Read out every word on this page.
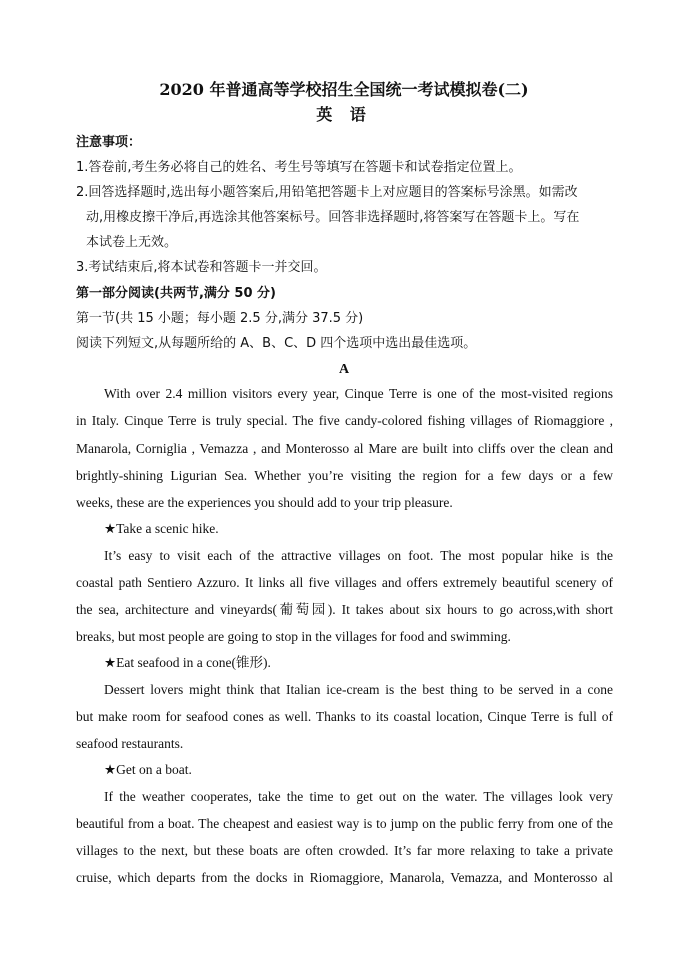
2020 年普通高等学校招生全国统一考试模拟卷(二)
英 语
注意事项：
1.答卷前,考生务必将自己的姓名、考生号等填写在答题卡和试卷指定位置上。
2.回答选择题时,选出每小题答案后,用铅笔把答题卡上对应题目的答案标号涂黑。如需改
动,用橡皮擦干净后,再选涂其他答案标号。回答非选择题时,将答案写在答题卡上。写在
本试卷上无效。
3.考试结束后,将本试卷和答题卡一并交回。
第一部分阅读(共两节,满分 50 分)
第一节(共 15 小题；每小题 2.5 分,满分 37.5 分)
阅读下列短文,从每题所给的 A、B、C、D 四个选项中选出最佳选项。
A
With over 2.4 million visitors every year, Cinque Terre is one of the most-visited regions
in Italy. Cinque Terre is truly special. The five candy-colored fishing villages of Riomaggiore ,
Manarola, Corniglia , Vemazza , and Monterosso al Mare are built into cliffs over the clean and
brightly-shining Ligurian Sea. Whether you’re visiting the region for a few days or a few
weeks, these are the experiences you should add to your trip pleasure.
★Take a scenic hike.
It’s easy to visit each of the attractive villages on foot. The most popular hike is the
coastal path Sentiero Azzuro. It links all five villages and offers extremely beautiful scenery of
the sea, architecture and vineyards(葡萄园). It takes about six hours to go across,with short
breaks, but most people are going to stop in the villages for food and swimming.
★Eat seafood in a cone(锥形).
Dessert lovers might think that Italian ice-cream is the best thing to be served in a cone
but make room for seafood cones as well. Thanks to its coastal location, Cinque Terre is full of
seafood restaurants.
★Get on a boat.
If the weather cooperates, take the time to get out on the water. The villages look very
beautiful from a boat. The cheapest and easiest way is to jump on the public ferry from one of the
villages to the next, but these boats are often crowded. It’s far more relaxing to take a private
cruise, which departs from the docks in Riomaggiore, Manarola, Vemazza, and Monterosso al
